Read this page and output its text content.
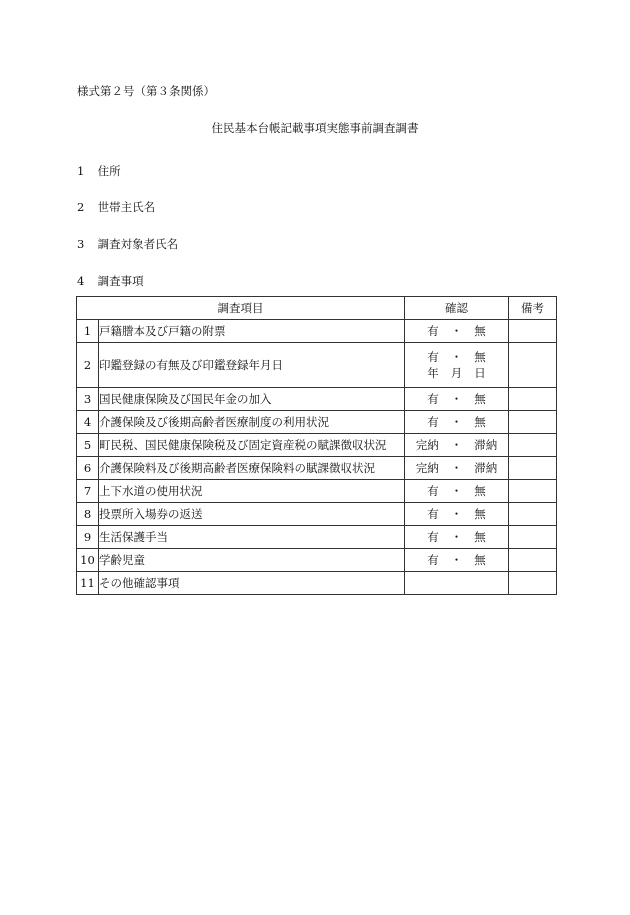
様式第２号（第３条関係）
住民基本台帳記載事項実態事前調査調書
1 住所
2 世帯主氏名
3 調査対象者氏名
4 調査事項
調査項目		確認	備考
1	戸籍謄本及び戸籍の附票	有 ・ 無	
2	印鑑登録の有無及び印鑑登録年月日	有 ・ 無
年 月 日	

3	国民健康保険及び国民年金の加入	有 ・ 無	
4	介護保険及び後期高齢者医療制度の利用状況	有 ・ 無	
5	町民税、国民健康保険税及び固定資産税の賦課徴収状況	完納 ・ 滞納	
6	介護保険料及び後期高齢者医療保険料の賦課徴収状況	完納 ・ 滞納	
7	上下水道の使用状況	有 ・ 無	
8	投票所入場券の返送	有 ・ 無	
9	生活保護手当	有 ・ 無	
10	学齢児童	有 ・ 無	
11	その他確認事項		
